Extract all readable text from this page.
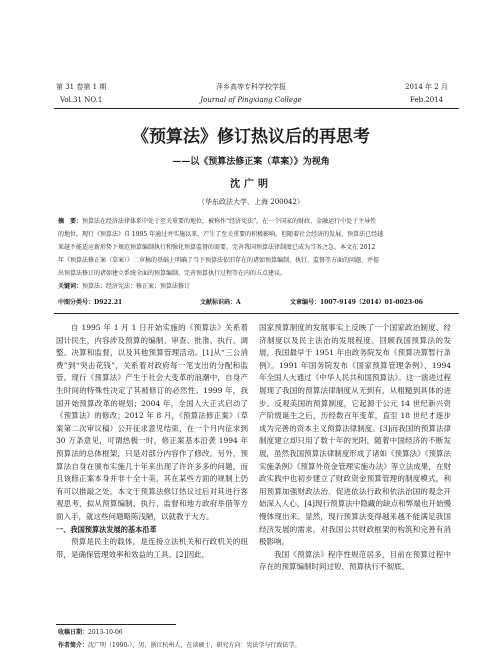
第 31 卷第 1 期
Vol.31 NO.1
萍乡高等专科学校学报
Journal of Pingxiang College
2014 年 2 月
Feb.2014
《预算法》修订热议后的再思考
——以《预算法修正案（草案）》为视角
沈广明
（华东政法大学，上海 200042）
摘　要：预算法在经济法律体系中处于至关重要的地位，被称作“经济宪法”。在一个国家的财政、金融运行中处于主导性
的地位。现行《预算法》自 1995 年通过并实施以来，产生了至关重要的积极影响。但随着社会经济的发展，预算法已经越
来越不能适应新形势下规范预算编制执行和强化预算监督的需要。完善我国预算法律制度已成为当务之急。本文在 2012
年《预算法修正案（草案）》二审稿的基础上明确了当下预算法依旧存在的诸如预算编制、执行、监督等方面的问题，并提
出预算法修订的诸如建立系统全面的预算编制、完善预算执行过程等在内的五点建议。
关键词：预算法；经济宪法；修正案；预算法修订
中图分类号：D922.21	文献标识码：A	文章编号：1007-9149（2014）01-0023-06

自 1995 年 1 月 1 日开始实施的《预算法》关系着国计民生，内容涉及预算的编制、审查、批准、执行、调整、决算和监督，以及其他预算管理活动。[1]从“三公消费”到“突击花钱”，关系着对政府每一笔支出的分配和监管。现行《预算法》产生于社会大变革的浪潮中，自身产生时间的特殊性决定了其被修订的必然性。1999 年，我国开始预算改革的规划；2004 年，全国人大正式启动了《预算法》的修改；2012 年 8 月，《预算法修正案》（草案第二次审议稿）公开征求意见结束，在一个月内征求到 30 万条意见，可谓热极一时，修正案基本沿袭 1994 年预算法的总体框架，只是对部分内容作了修改。另外，预算法自身在颁布实施几十年来出现了许许多多的问题，而且该修正案本身并非十全十美，其在某些方面的规制上仍有可以推敲之处。本文于预算法修订热议过后对其进行客观思考，拟从预算编制、执行、监督和地方政府举借等方面入手，就这些问题略陈浅陋，以就教于大方。

一、我国预算法发展的基本沿革

预算是民主的载体，是连接立法机关和行政机关的纽带，是确保管理效率和效益的工具。[2]因此，

国家预算制度的发展事实上反映了一个国家政治制度、经济制度以及民主法治的发展程度。回顾我国预算法的发展，我国最早于 1951 年由政务院发布《预算决算暂行条例》。1991 年国务院发布《国家预算管理条例》，1994 年全国人大通过《中华人民共和国预算法》。这一演进过程展现了我国的预算法律制度从无到有，从粗糙到具体的进步。反观美国的预算制度，它起源于公元 14 世纪新兴资产阶级诞生之后，历经数百年变革，直至 18 世纪才逐步成为完善的资本主义预算法律制度。[3]而我国的预算法律制度建立却只用了数十年的光阴，随着中国经济的不断发展，虽然我国预算法律制度形成了诸如《预算法》《预算法实施条例》《预算外资金管理实施办法》等立法成果，在财政实践中也初步建立了财政资金预算管理的制度模式，利用预算加强财政法治、促进依法行政和依法治国的观念开始深入人心，[4]现行预算法中隐藏的缺点和弊端也开始慢慢体现出来。显然，现行预算法变得越来越不能满足我国经济发展的需求，对我国公共财政框架的构筑和完善有消极影响。

我国《预算法》程序性规范居多，目前在预算过程中存在的预算编制时间过短、预算执行不彻底、

收稿日期：2013-10-06
作者简介：沈广明（1990-），男，浙江杭州人，在读硕士，研究方向：宪法学与行政法学。
